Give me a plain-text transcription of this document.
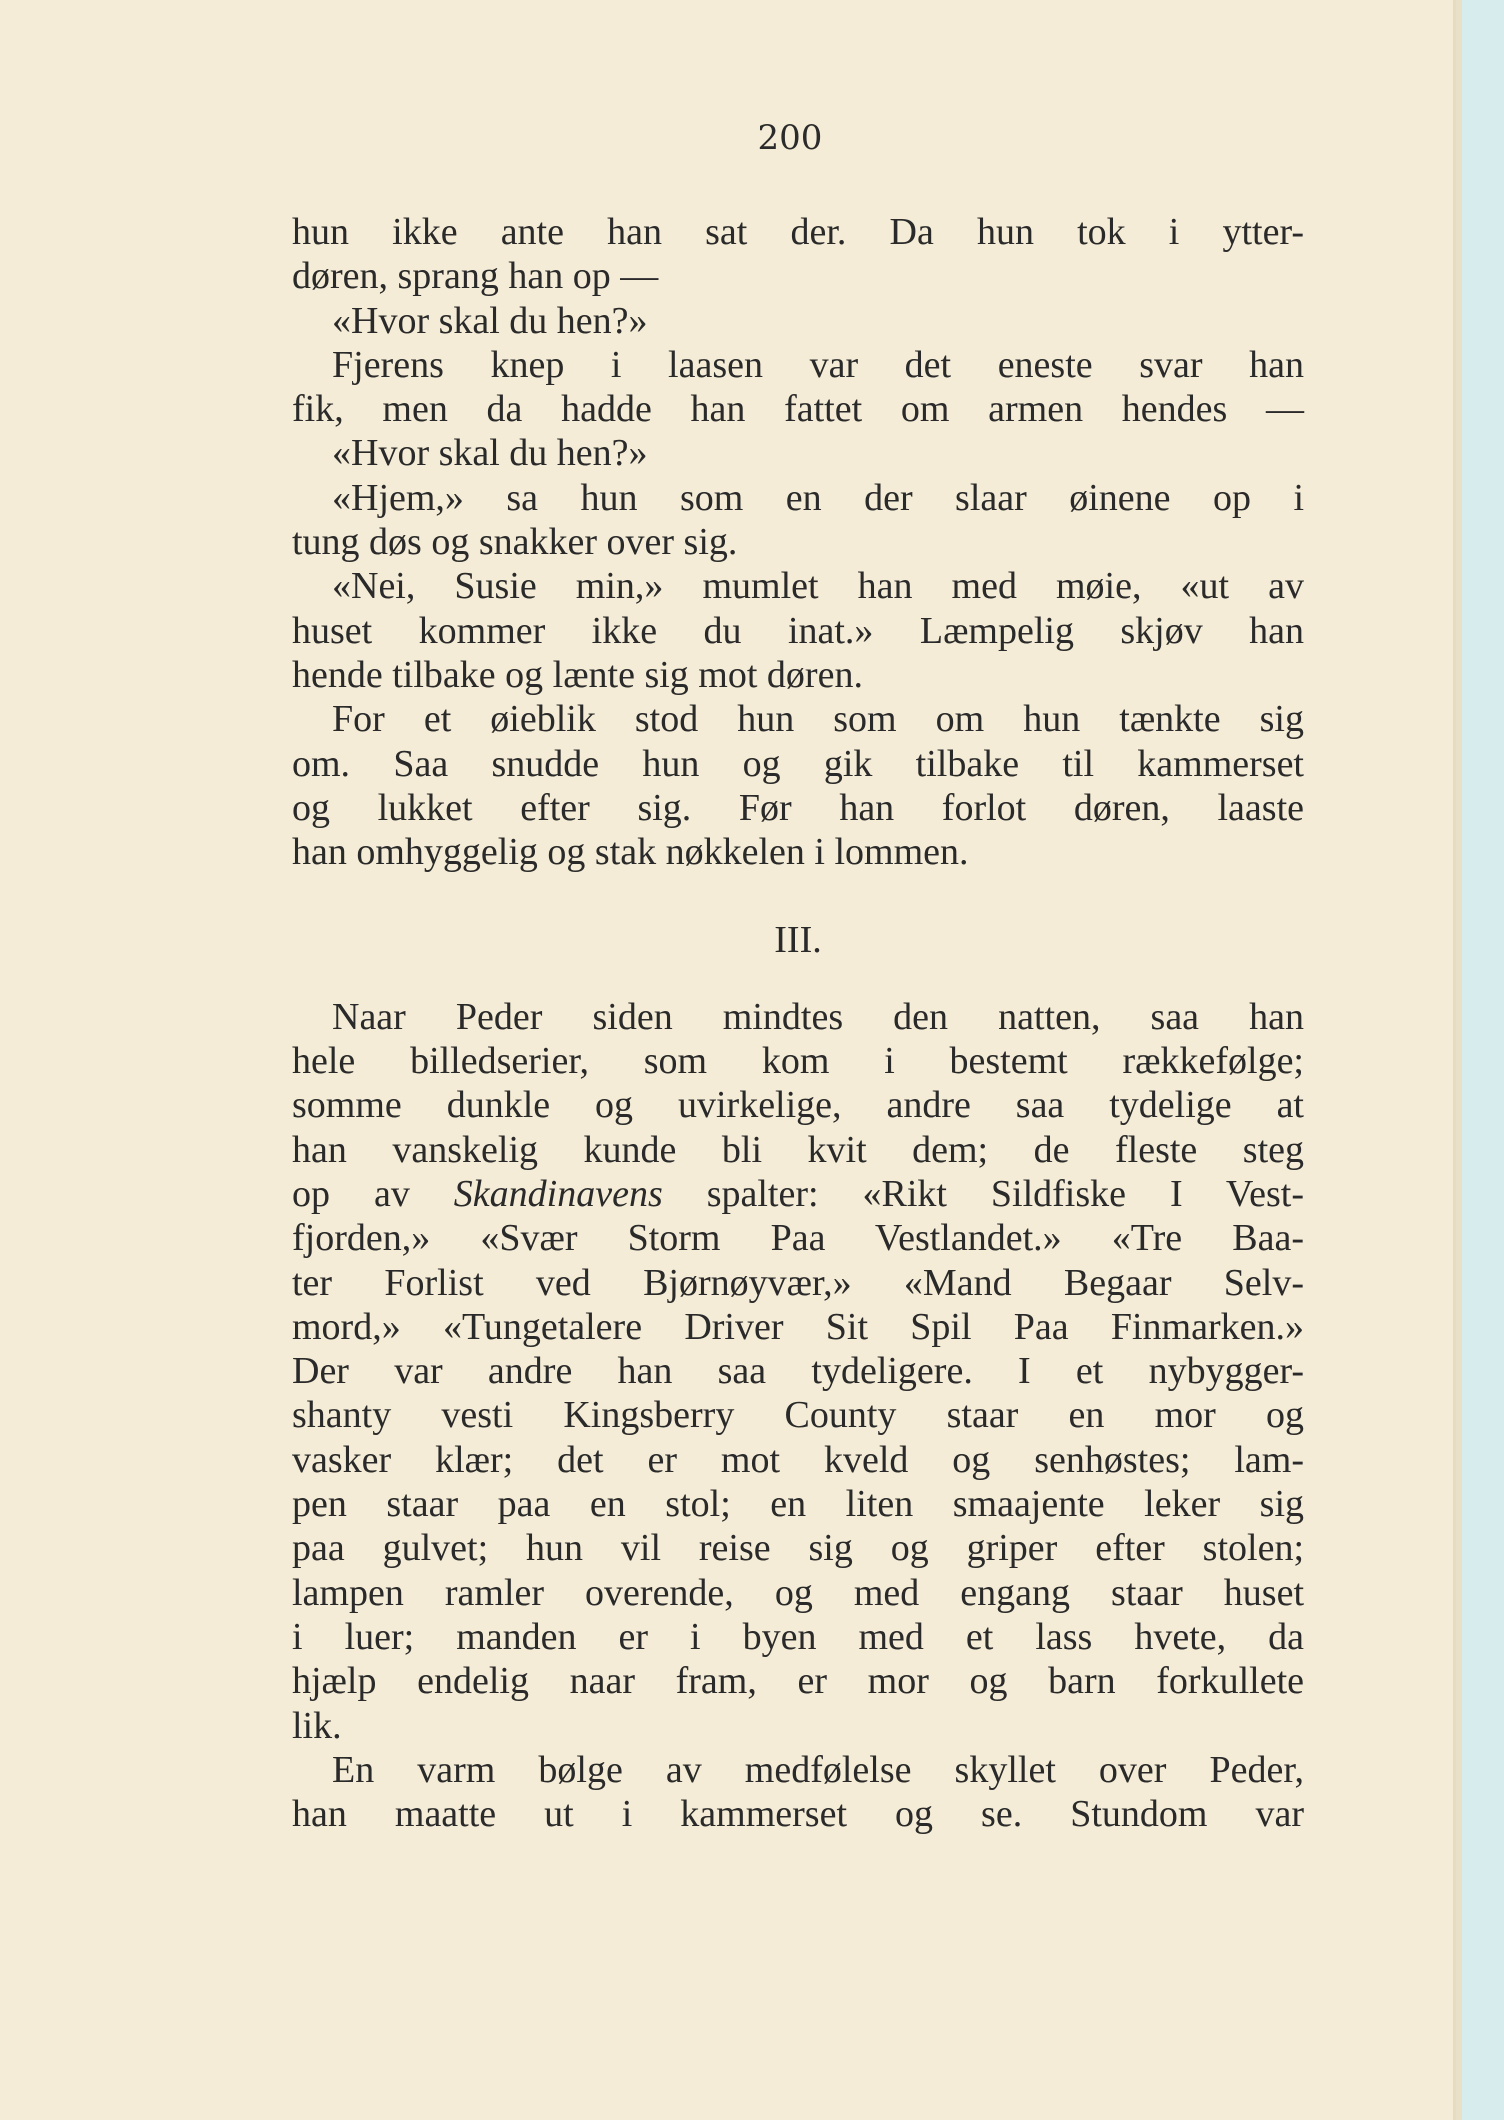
200
hun ikke ante han sat der. Da hun tok i ytter-
døren, sprang han op —
«Hvor skal du hen?»
Fjerens knep i laasen var det eneste svar han
fik, men da hadde han fattet om armen hendes —
«Hvor skal du hen?»
«Hjem,» sa hun som en der slaar øinene op i
tung døs og snakker over sig.
«Nei, Susie min,» mumlet han med møie, «ut av
huset kommer ikke du inat.» Læmpelig skjøv han
hende tilbake og lænte sig mot døren.
For et øieblik stod hun som om hun tænkte sig
om. Saa snudde hun og gik tilbake til kammerset
og lukket efter sig. Før han forlot døren, laaste
han omhyggelig og stak nøkkelen i lommen.
III.
Naar Peder siden mindtes den natten, saa han
hele billedserier, som kom i bestemt rækkefølge;
somme dunkle og uvirkelige, andre saa tydelige at
han vanskelig kunde bli kvit dem; de fleste steg
op av Skandinavens spalter: «Rikt Sildfiske I Vest-
fjorden,» «Svær Storm Paa Vestlandet.» «Tre Baa-
ter Forlist ved Bjørnøyvær,» «Mand Begaar Selv-
mord,» «Tungetalere Driver Sit Spil Paa Finmarken.»
Der var andre han saa tydeligere. I et nybygger-
shanty vesti Kingsberry County staar en mor og
vasker klær; det er mot kveld og senhøstes; lam-
pen staar paa en stol; en liten smaajente leker sig
paa gulvet; hun vil reise sig og griper efter stolen;
lampen ramler overende, og med engang staar huset
i luer; manden er i byen med et lass hvete, da
hjælp endelig naar fram, er mor og barn forkullete
lik.
En varm bølge av medfølelse skyllet over Peder,
han maatte ut i kammerset og se. Stundom var
